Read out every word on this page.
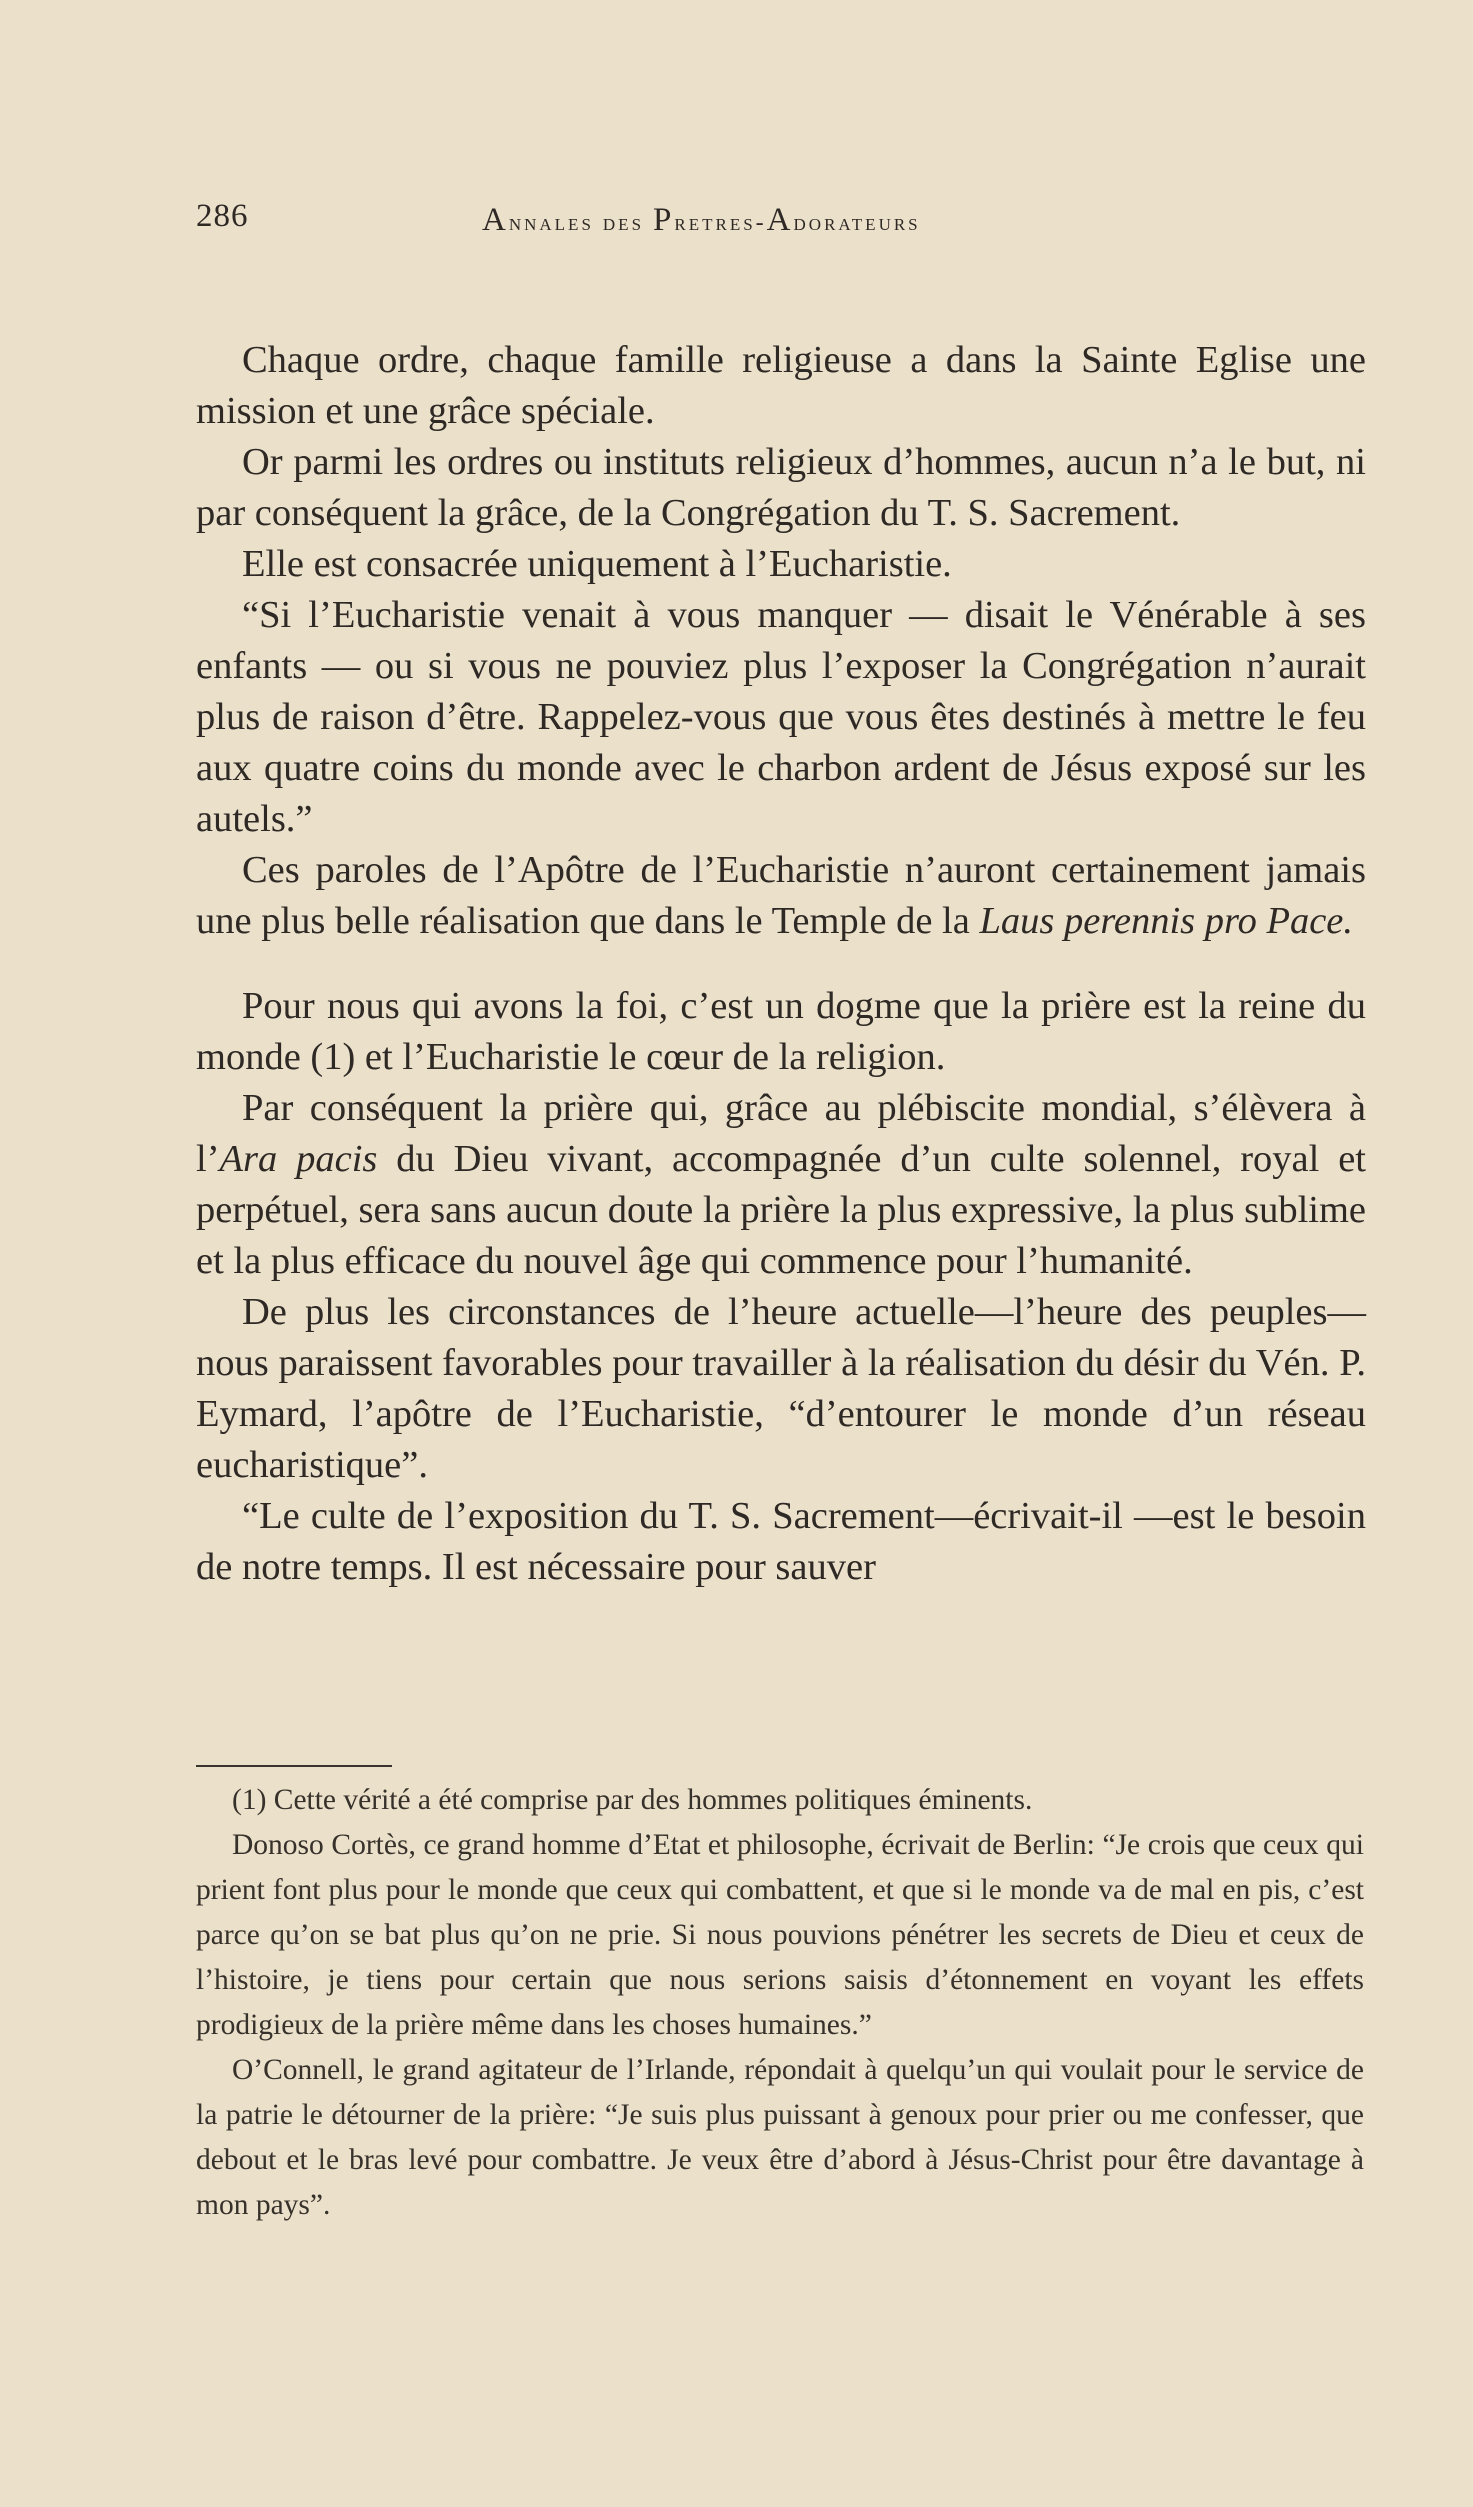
286	Annales des Pretres-Adorateurs

Chaque ordre, chaque famille religieuse a dans la Sainte Eglise une mission et une grâce spéciale.

Or parmi les ordres ou instituts religieux d’hommes, aucun n’a le but, ni par conséquent la grâce, de la Congrégation du T. S. Sacrement.

Elle est consacrée uniquement à l’Eucharistie.

“Si l’Eucharistie venait à vous manquer — disait le Vénérable à ses enfants — ou si vous ne pouviez plus l’exposer la Congrégation n’aurait plus de raison d’être. Rappelez-vous que vous êtes destinés à mettre le feu aux quatre coins du monde avec le charbon ardent de Jésus exposé sur les autels.”

Ces paroles de l’Apôtre de l’Eucharistie n’auront certainement jamais une plus belle réalisation que dans le Temple de la Laus perennis pro Pace.

Pour nous qui avons la foi, c’est un dogme que la prière est la reine du monde (1) et l’Eucharistie le cœur de la religion.

Par conséquent la prière qui, grâce au plébiscite mondial, s’élèvera à l’Ara pacis du Dieu vivant, accompagnée d’un culte solennel, royal et perpétuel, sera sans aucun doute la prière la plus expressive, la plus sublime et la plus efficace du nouvel âge qui commence pour l’humanité.

De plus les circonstances de l’heure actuelle—l’heure des peuples—nous paraissent favorables pour travailler à la réalisation du désir du Vén. P. Eymard, l’apôtre de l’Eucharistie, “d’entourer le monde d’un réseau eucharistique”.

“Le culte de l’exposition du T. S. Sacrement—écrivait-il —est le besoin de notre temps. Il est nécessaire pour sauver

(1) Cette vérité a été comprise par des hommes politiques éminents.

Donoso Cortès, ce grand homme d’Etat et philosophe, écrivait de Berlin: “Je crois que ceux qui prient font plus pour le monde que ceux qui combattent, et que si le monde va de mal en pis, c’est parce qu’on se bat plus qu’on ne prie. Si nous pouvions pénétrer les secrets de Dieu et ceux de l’histoire, je tiens pour certain que nous serions saisis d’étonnement en voyant les effets prodigieux de la prière même dans les choses humaines.”

O’Connell, le grand agitateur de l’Irlande, répondait à quelqu’un qui voulait pour le service de la patrie le détourner de la prière: “Je suis plus puissant à genoux pour prier ou me confesser, que debout et le bras levé pour combattre. Je veux être d’abord à Jésus-Christ pour être davantage à mon pays”.
